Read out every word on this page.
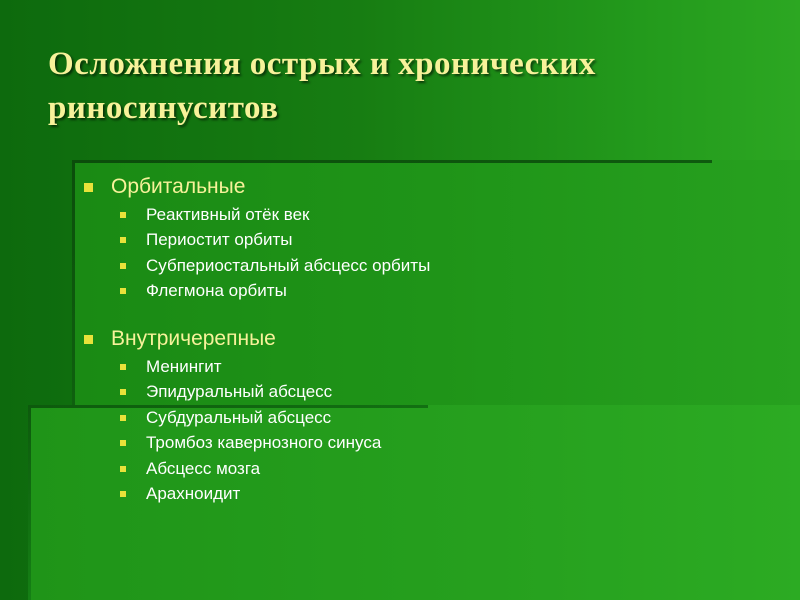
Осложнения острых и хронических риносинуситов
Орбитальные
Реактивный отёк век
Периостит орбиты
Субпериостальный абсцесс орбиты
Флегмона орбиты
Внутричерепные
Менингит
Эпидуральный абсцесс
Субдуральный абсцесс
Тромбоз кавернозного синуса
Абсцесс мозга
Арахноидит
